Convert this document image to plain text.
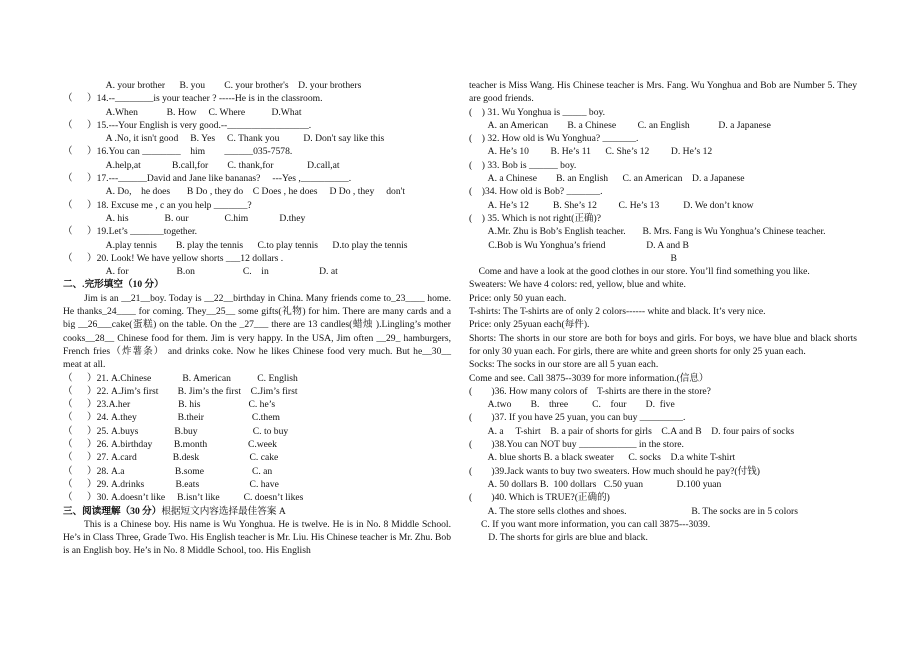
A. your brother      B. you        C. your brother's    D. your brothers
（      ）14.--________is your teacher ? -----He is in the classroom.
A.When            B. How     C. Where           D.What
（      ）15.---Your English is very good.--_________________.
A .No, it isn't good     B. Yes     C. Thank you          D. Don't say like this
（      ）16.You can ________    him        ______035-7578.
A.help,at             B.call,for        C. thank,for              D.call,at
（      ）17.---______David and Jane like bananas?     ---Yes ,__________.
A. Do,    he does       B Do , they do    C Does , he does     D Do , they     don't
（      ）18. Excuse me , c an you help _______?
A. his               B. our               C.him             D.they
（      ）19.Let’s _______together.
A.play tennis        B. play the tennis      C.to play tennis      D.to play the tennis
（      ）20. Look! We have yellow shorts ___12 dollars .
A. for                    B.on                    C.    in                     D. at
二、.完形填空（10 分）
Jim is an __21__boy. Today is __22__birthday in China. Many friends come to_23____ home. He thanks_24____ for coming. They__25__ some gifts(礼物) for him. There are many cards and a big __26___cake(蛋糕) on the table. On the _27___ there are 13 candles(蜡烛 ).Lingling’s mother cooks__28__ Chinese food for them. Jim is very happy. In the USA, Jim often __29_ hamburgers, French fries（炸薯条） and drinks coke. Now he likes Chinese food very much. But he__30__ meat at all.
（      ）21. A.Chinese             B. American           C. English
（      ）22. A.Jim’s first        B. Jim’s the first    C.Jim’s first
（      ）23.A.her                    B. his                    C. he’s
（      ）24. A.they                 B.their                    C.them
（      ）25. A.buys               B.buy                       C. to buy
（      ）26. A.birthday         B.month                 C.week
（      ）27. A.card               B.desk                     C. cake
（      ）28. A.a                     B.some                    C. an
（      ）29. A.drinks             B.eats                     C. have
（      ）30. A.doesn’t like     B.isn’t like          C. doesn’t likes
三、阅读理解（30 分）根据短文内容选择最佳答案 A
This is a Chinese boy. His name is Wu Yonghua. He is twelve. He is in No. 8 Middle School. He’s in Class Three, Grade Two. His English teacher is Mr. Liu. His Chinese teacher is Mr. Zhu. Bob is an English boy. He’s in No. 8 Middle School, too. His English
teacher is Miss Wang. His Chinese teacher is Mrs. Fang. Wu Yonghua and Bob are Number 5. They are good friends.
(    ) 31. Wu Yonghua is _____ boy.
A. an American        B. a Chinese         C. an English            D. a Japanese
(    ) 32. How old is Wu Yonghua? _______.
A. He’s 10         B. He’s 11      C. She’s 12         D. He’s 12
(    ) 33. Bob is ______ boy.
A. a Chinese        B. an English      C. an American    D. a Japanese
(    )34. How old is Bob? _______.
A. He’s 12          B. She’s 12         C. He’s 13          D. We don’t know
(    ) 35. Which is not right(正确)?
A.Mr. Zhu is Bob’s English teacher.       B. Mrs. Fang is Wu Yonghua’s Chinese teacher.
C.Bob is Wu Yonghua’s friend                 D. A and B
B
Come and have a look at the good clothes in our store. You’ll find something you like.
Sweaters: We have 4 colors: red, yellow, blue and white.
Price: only 50 yuan each.
T-shirts: The T-shirts are of only 2 colors------ white and black. It’s very nice.
Price: only 25yuan each(每件).
Shorts: The shorts in our store are both for boys and girls. For boys, we have blue and black shorts for only 30 yuan each. For girls, there are white and green shorts for only 25 yuan each.
Socks: The socks in our store are all 5 yuan each.
Come and see. Call 3875--3039 for more information.(信息）
(        )36. How many colors of    T-shirts are there in the store?
A.two        B.    three          C.    four        D.  five
(        )37. If you have 25 yuan, you can buy _________.
A. a     T-shirt    B. a pair of shorts for girls    C.A and B    D. four pairs of socks
(        )38.You can NOT buy ____________ in the store.
A. blue shorts B. a black sweater      C. socks    D.a white T-shirt
(        )39.Jack wants to buy two sweaters. How much should he pay?(付钱)
A. 50 dollars B.  100 dollars   C.50 yuan              D.100 yuan
(        )40. Which is TRUE?(正确的)
A. The store sells clothes and shoes.                           B. The socks are in 5 colors
C. If you want more information, you can call 3875---3039.
D. The shorts for girls are blue and black.
